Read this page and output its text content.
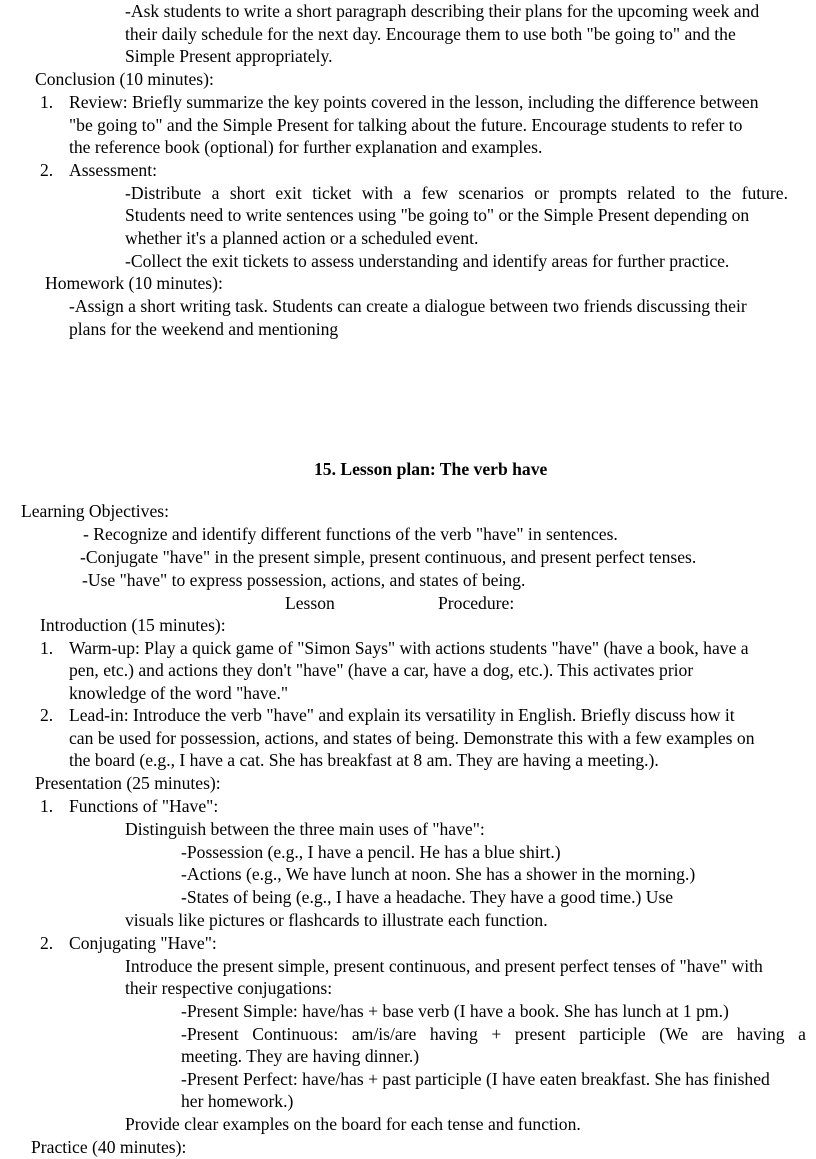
-Ask students to write a short paragraph describing their plans for the upcoming week and
their daily schedule for the next day. Encourage them to use both "be going to" and the
Simple Present appropriately.
Conclusion (10 minutes):
1. Review: Briefly summarize the key points covered in the lesson, including the difference between
"be going to" and the Simple Present for talking about the future. Encourage students to refer to
the reference book (optional) for further explanation and examples.
2. Assessment:
-Distribute a short exit ticket with a few scenarios or prompts related to the future.
Students need to write sentences using "be going to" or the Simple Present depending on
whether it's a planned action or a scheduled event.
-Collect the exit tickets to assess understanding and identify areas for further practice.
Homework (10 minutes):
-Assign a short writing task. Students can create a dialogue between two friends discussing their
plans for the weekend and mentioning
15. Lesson plan: The verb have
Learning Objectives:
- Recognize and identify different functions of the verb "have" in sentences.
-Conjugate "have" in the present simple, present continuous, and present perfect tenses.
-Use "have" to express possession, actions, and states of being.
Lesson	Procedure:
Introduction (15 minutes):
1. Warm-up: Play a quick game of "Simon Says" with actions students "have" (have a book, have a
pen, etc.) and actions they don't "have" (have a car, have a dog, etc.). This activates prior
knowledge of the word "have."
2. Lead-in: Introduce the verb "have" and explain its versatility in English. Briefly discuss how it
can be used for possession, actions, and states of being. Demonstrate this with a few examples on
the board (e.g., I have a cat. She has breakfast at 8 am. They are having a meeting.).
Presentation (25 minutes):
1. Functions of "Have":
Distinguish between the three main uses of "have":
-Possession (e.g., I have a pencil. He has a blue shirt.)
-Actions (e.g., We have lunch at noon. She has a shower in the morning.)
-States of being (e.g., I have a headache. They have a good time.) Use
visuals like pictures or flashcards to illustrate each function.
2. Conjugating "Have":
Introduce the present simple, present continuous, and present perfect tenses of "have" with
their respective conjugations:
-Present Simple: have/has + base verb (I have a book. She has lunch at 1 pm.)
-Present Continuous: am/is/are having + present participle (We are having a
meeting. They are having dinner.)
-Present Perfect: have/has + past participle (I have eaten breakfast. She has finished
her homework.)
Provide clear examples on the board for each tense and function.
Practice (40 minutes):
